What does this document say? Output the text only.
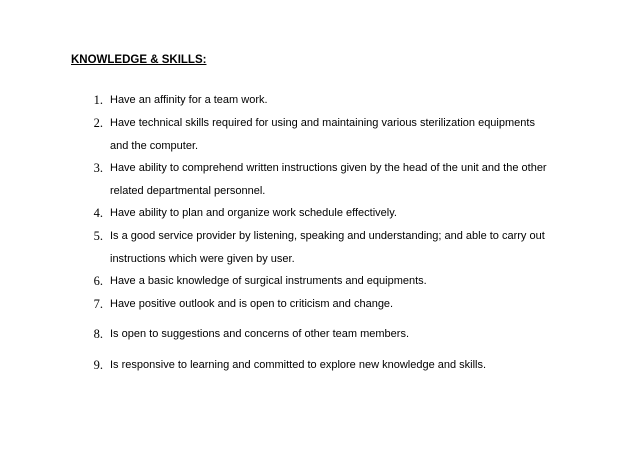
KNOWLEDGE & SKILLS:
1. Have an affinity for a team work.
2. Have technical skills required for using and maintaining various sterilization equipments and the computer.
3. Have ability to comprehend written instructions given by the head of the unit and the other related departmental personnel.
4. Have ability to plan and organize work schedule effectively.
5. Is a good service provider by listening, speaking and understanding; and able to carry out instructions which were given by user.
6. Have a basic knowledge of surgical instruments and equipments.
7. Have positive outlook and is open to criticism and change.
8. Is open to suggestions and concerns of other team members.
9. Is responsive to learning and committed to explore new knowledge and skills.
